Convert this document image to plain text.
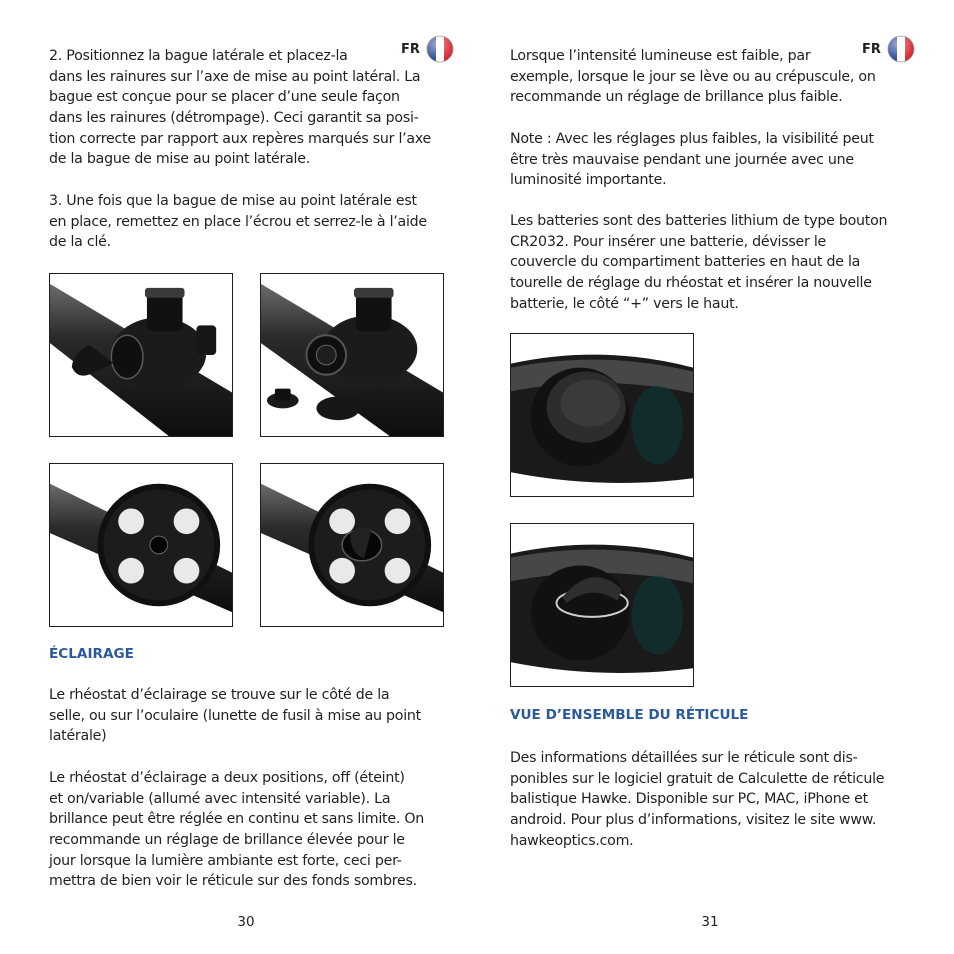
FR

2. Positionnez la bague latérale et placez-la
dans les rainures sur l’axe de mise au point latéral. La
bague est conçue pour se placer d’une seule façon
dans les rainures (détrompage). Ceci garantit sa posi-
tion correcte par rapport aux repères marqués sur l’axe
de la bague de mise au point latérale.

3. Une fois que la bague de mise au point latérale est
en place, remettez en place l’écrou et serrez-le à l’aide
de la clé.

ÉCLAIRAGE

Le rhéostat d’éclairage se trouve sur le côté de la
selle, ou sur l’oculaire (lunette de fusil à mise au point
latérale)

Le rhéostat d’éclairage a deux positions, off (éteint)
et on/variable (allumé avec intensité variable). La
brillance peut être réglée en continu et sans limite. On
recommande un réglage de brillance élevée pour le
jour lorsque la lumière ambiante est forte, ceci per-
mettra de bien voir le réticule sur des fonds sombres.

30
FR

Lorsque l’intensité lumineuse est faible, par
exemple, lorsque le jour se lève ou au crépuscule, on
recommande un réglage de brillance plus faible.

Note : Avec les réglages plus faibles, la visibilité peut
être très mauvaise pendant une journée avec une
luminosité importante.

Les batteries sont des batteries lithium de type bouton
CR2032. Pour insérer une batterie, dévisser le
couvercle du compartiment batteries en haut de la
tourelle de réglage du rhéostat et insérer la nouvelle
batterie, le côté “+” vers le haut.

VUE D’ENSEMBLE DU RÉTICULE

Des informations détaillées sur le réticule sont dis-
ponibles sur le logiciel gratuit de Calculette de réticule
balistique Hawke. Disponible sur PC, MAC, iPhone et
android. Pour plus d’informations, visitez le site www.
hawkeoptics.com.

31
